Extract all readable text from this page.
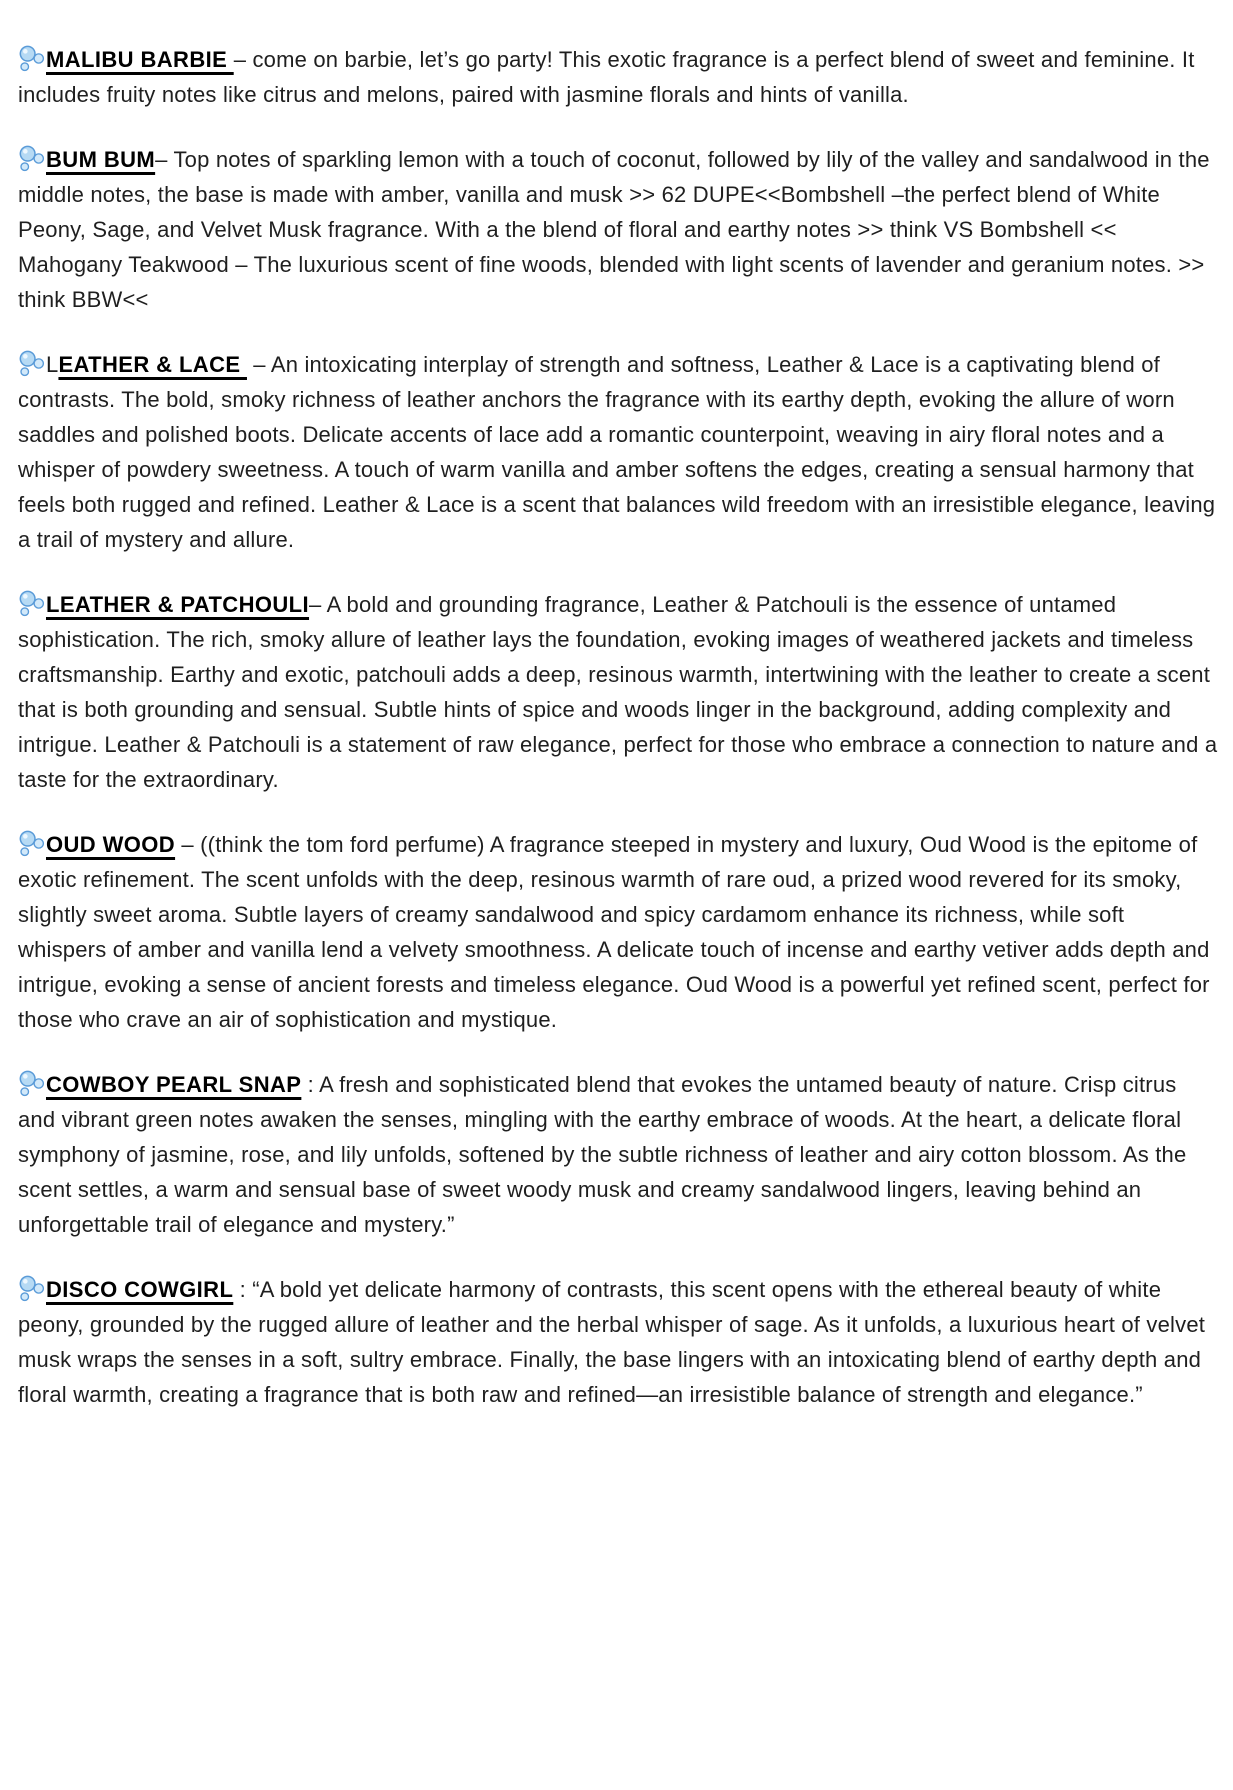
MALIBU BARBIE – come on barbie, let’s go party! This exotic fragrance is a perfect blend of sweet and feminine. It includes fruity notes like citrus and melons, paired with jasmine florals and hints of vanilla.

BUM BUM– Top notes of sparkling lemon with a touch of coconut, followed by lily of the valley and sandalwood in the middle notes, the base is made with amber, vanilla and musk >> 62 DUPE<<Bombshell –the perfect blend of White Peony, Sage, and Velvet Musk fragrance. With a the blend of floral and earthy notes >> think VS Bombshell << Mahogany Teakwood – The luxurious scent of fine woods, blended with light scents of lavender and geranium notes. >> think BBW<<

LEATHER & LACE  – An intoxicating interplay of strength and softness, Leather & Lace is a captivating blend of contrasts. The bold, smoky richness of leather anchors the fragrance with its earthy depth, evoking the allure of worn saddles and polished boots. Delicate accents of lace add a romantic counterpoint, weaving in airy floral notes and a whisper of powdery sweetness. A touch of warm vanilla and amber softens the edges, creating a sensual harmony that feels both rugged and refined. Leather & Lace is a scent that balances wild freedom with an irresistible elegance, leaving a trail of mystery and allure.

LEATHER & PATCHOULI– A bold and grounding fragrance, Leather & Patchouli is the essence of untamed sophistication. The rich, smoky allure of leather lays the foundation, evoking images of weathered jackets and timeless craftsmanship. Earthy and exotic, patchouli adds a deep, resinous warmth, intertwining with the leather to create a scent that is both grounding and sensual. Subtle hints of spice and woods linger in the background, adding complexity and intrigue. Leather & Patchouli is a statement of raw elegance, perfect for those who embrace a connection to nature and a taste for the extraordinary.

OUD WOOD – ((think the tom ford perfume) A fragrance steeped in mystery and luxury, Oud Wood is the epitome of exotic refinement. The scent unfolds with the deep, resinous warmth of rare oud, a prized wood revered for its smoky, slightly sweet aroma. Subtle layers of creamy sandalwood and spicy cardamom enhance its richness, while soft whispers of amber and vanilla lend a velvety smoothness. A delicate touch of incense and earthy vetiver adds depth and intrigue, evoking a sense of ancient forests and timeless elegance. Oud Wood is a powerful yet refined scent, perfect for those who crave an air of sophistication and mystique.

COWBOY PEARL SNAP : A fresh and sophisticated blend that evokes the untamed beauty of nature. Crisp citrus and vibrant green notes awaken the senses, mingling with the earthy embrace of woods. At the heart, a delicate floral symphony of jasmine, rose, and lily unfolds, softened by the subtle richness of leather and airy cotton blossom. As the scent settles, a warm and sensual base of sweet woody musk and creamy sandalwood lingers, leaving behind an unforgettable trail of elegance and mystery.”

DISCO COWGIRL : “A bold yet delicate harmony of contrasts, this scent opens with the ethereal beauty of white peony, grounded by the rugged allure of leather and the herbal whisper of sage. As it unfolds, a luxurious heart of velvet musk wraps the senses in a soft, sultry embrace. Finally, the base lingers with an intoxicating blend of earthy depth and floral warmth, creating a fragrance that is both raw and refined—an irresistible balance of strength and elegance.”
